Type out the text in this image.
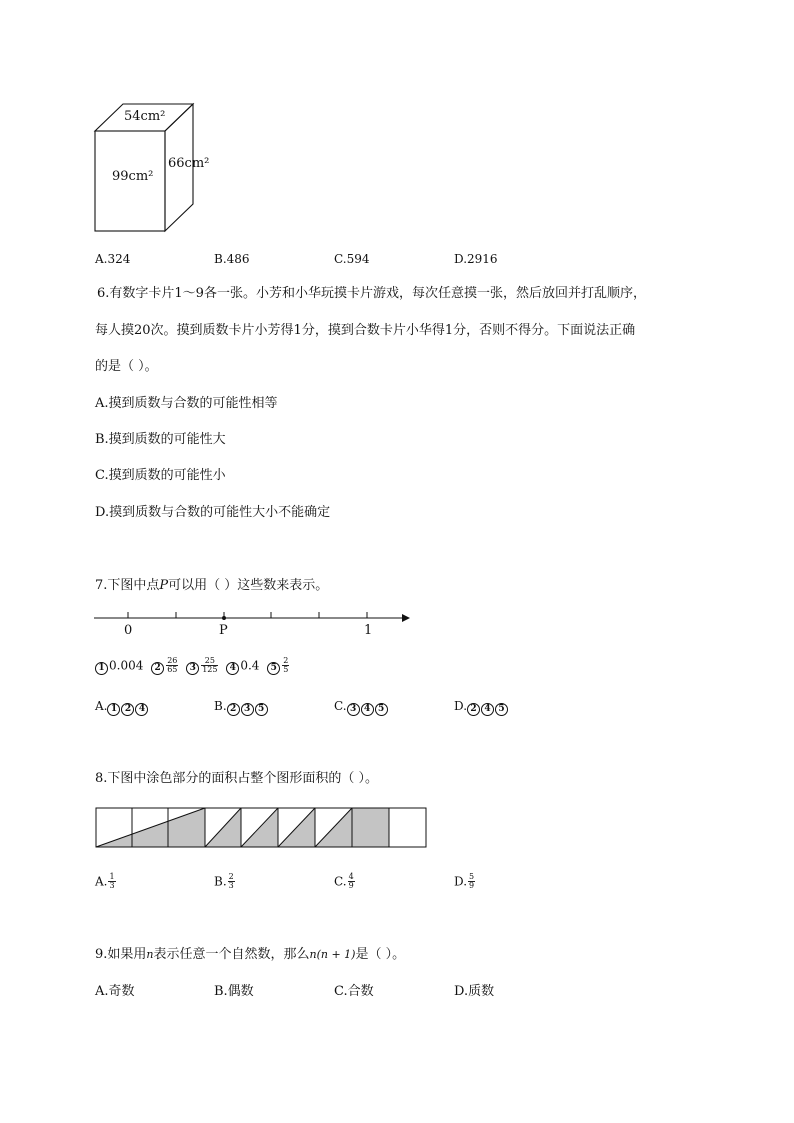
54cm²
99cm²
66cm²
A.324	B.486	C.594	D.2916
6.有数字卡片1～9各一张。小芳和小华玩摸卡片游戏，每次任意摸一张，然后放回并打乱顺序，
每人摸20次。摸到质数卡片小芳得1分，摸到合数卡片小华得1分，否则不得分。下面说法正确
的是（ ）。
A.摸到质数与合数的可能性相等
B.摸到质数的可能性大
C.摸到质数的可能性小
D.摸到质数与合数的可能性大小不能确定
7.下图中点P可以用（ ）这些数来表示。
0	P	1
1 0.004 $2 \frac{26}{65} 3 \frac{25}{125} 4$ 0.4 $5 \frac{2}{5}$
A. 1 2 4	B. 2 3 5	C. 3 4 5	D. 2 4 5
8.下图中涂色部分的面积占整个图形面积的（ ）。
A. $\frac{1}{3}$	B. $\frac{2}{3}$	C. $\frac{4}{9}$	D. $\frac{5}{9}$
9.如果用n表示任意一个自然数，那么n(n + 1)是（ ）。
A.奇数	B.偶数	C.合数	D.质数
